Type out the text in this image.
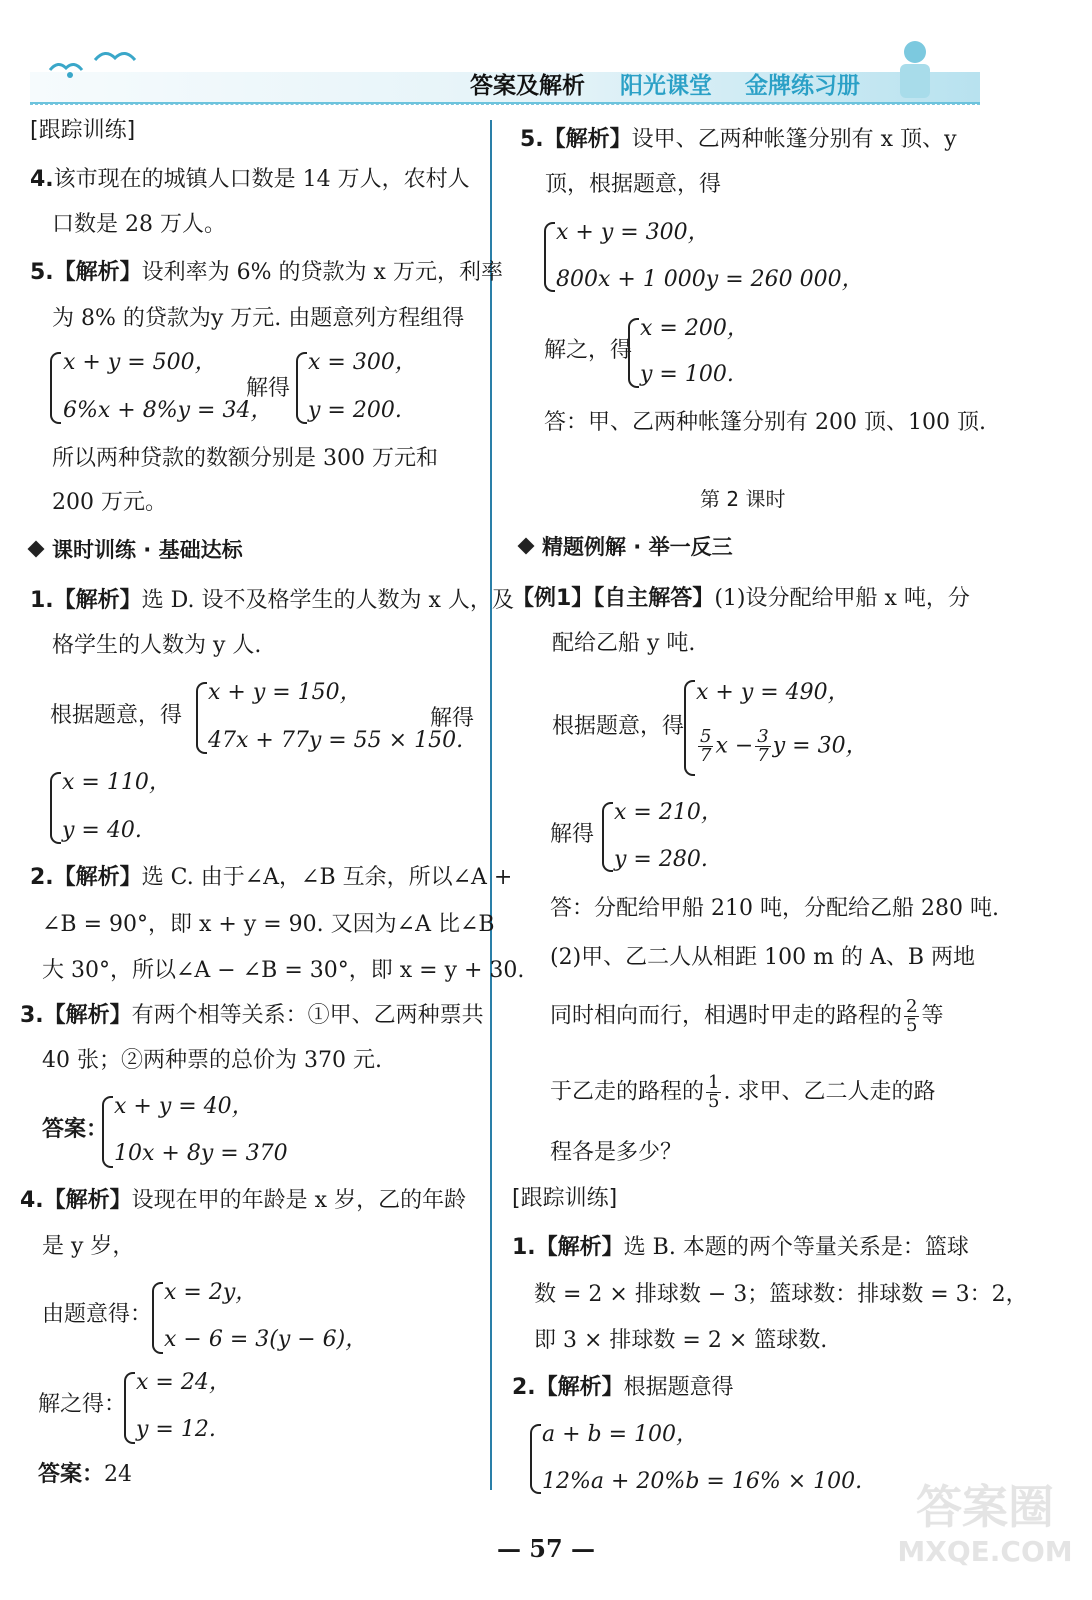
答案及解析 阳光课堂 金牌练习册
[跟踪训练]
4.该市现在的城镇人口数是 14 万人，农村人
口数是 28 万人。
5.【解析】设利率为 6% 的贷款为 x 万元，利率
为 8% 的贷款为y 万元. 由题意列方程组得
x + y = 500，
6%x + 8%y = 34，
解得
x = 300，
y = 200.
所以两种贷款的数额分别是 300 万元和
200 万元。
课时训练 · 基础达标
1.【解析】选 D. 设不及格学生的人数为 x 人，及
格学生的人数为 y 人.
根据题意，得
x + y = 150，
47x + 77y = 55 × 150.
解得
x = 110，
y = 40.
2.【解析】选 C. 由于∠A，∠B 互余，所以∠A +
∠B = 90°，即 x + y = 90. 又因为∠A 比∠B
大 30°，所以∠A − ∠B = 30°，即 x = y + 30.
3.【解析】有两个相等关系：①甲、乙两种票共
40 张；②两种票的总价为 370 元.
答案：
x + y = 40，
10x + 8y = 370
4.【解析】设现在甲的年龄是 x 岁，乙的年龄
是 y 岁，
由题意得：
x = 2y，
x − 6 = 3(y − 6)，
解之得：
x = 24，
y = 12.
答案：24
5.【解析】设甲、乙两种帐篷分别有 x 顶、y
顶，根据题意，得
x + y = 300，
800x + 1 000y = 260 000，
解之，得
x = 200，
y = 100.
答：甲、乙两种帐篷分别有 200 顶、100 顶.
第 2 课时
精题例解 · 举一反三
【例1】【自主解答】(1)设分配给甲船 x 吨，分
配给乙船 y 吨.
根据题意，得
x + y = 490，
$\frac{5}{7}$ $x - \frac{3}{7}$ y = 30，
解得
x = 210，
y = 280.
答：分配给甲船 210 吨，分配给乙船 280 吨.
(2)甲、乙二人从相距 100 m 的 A、B 两地
同时相向而行，相遇时甲走的路程的 $\frac{2}{5}$ 等
于乙走的路程的 $\frac{1}{5}$ . 求甲、乙二人走的路
程各是多少？
[跟踪训练]
1.【解析】选 B. 本题的两个等量关系是：篮球
数 = 2 × 排球数 − 3；篮球数：排球数 = 3：2，
即 3 × 排球数 = 2 × 篮球数.
2.【解析】根据题意得
a + b = 100，
12%a + 20%b = 16% × 100.
— 57 —
答案圈
MXQE.COM
